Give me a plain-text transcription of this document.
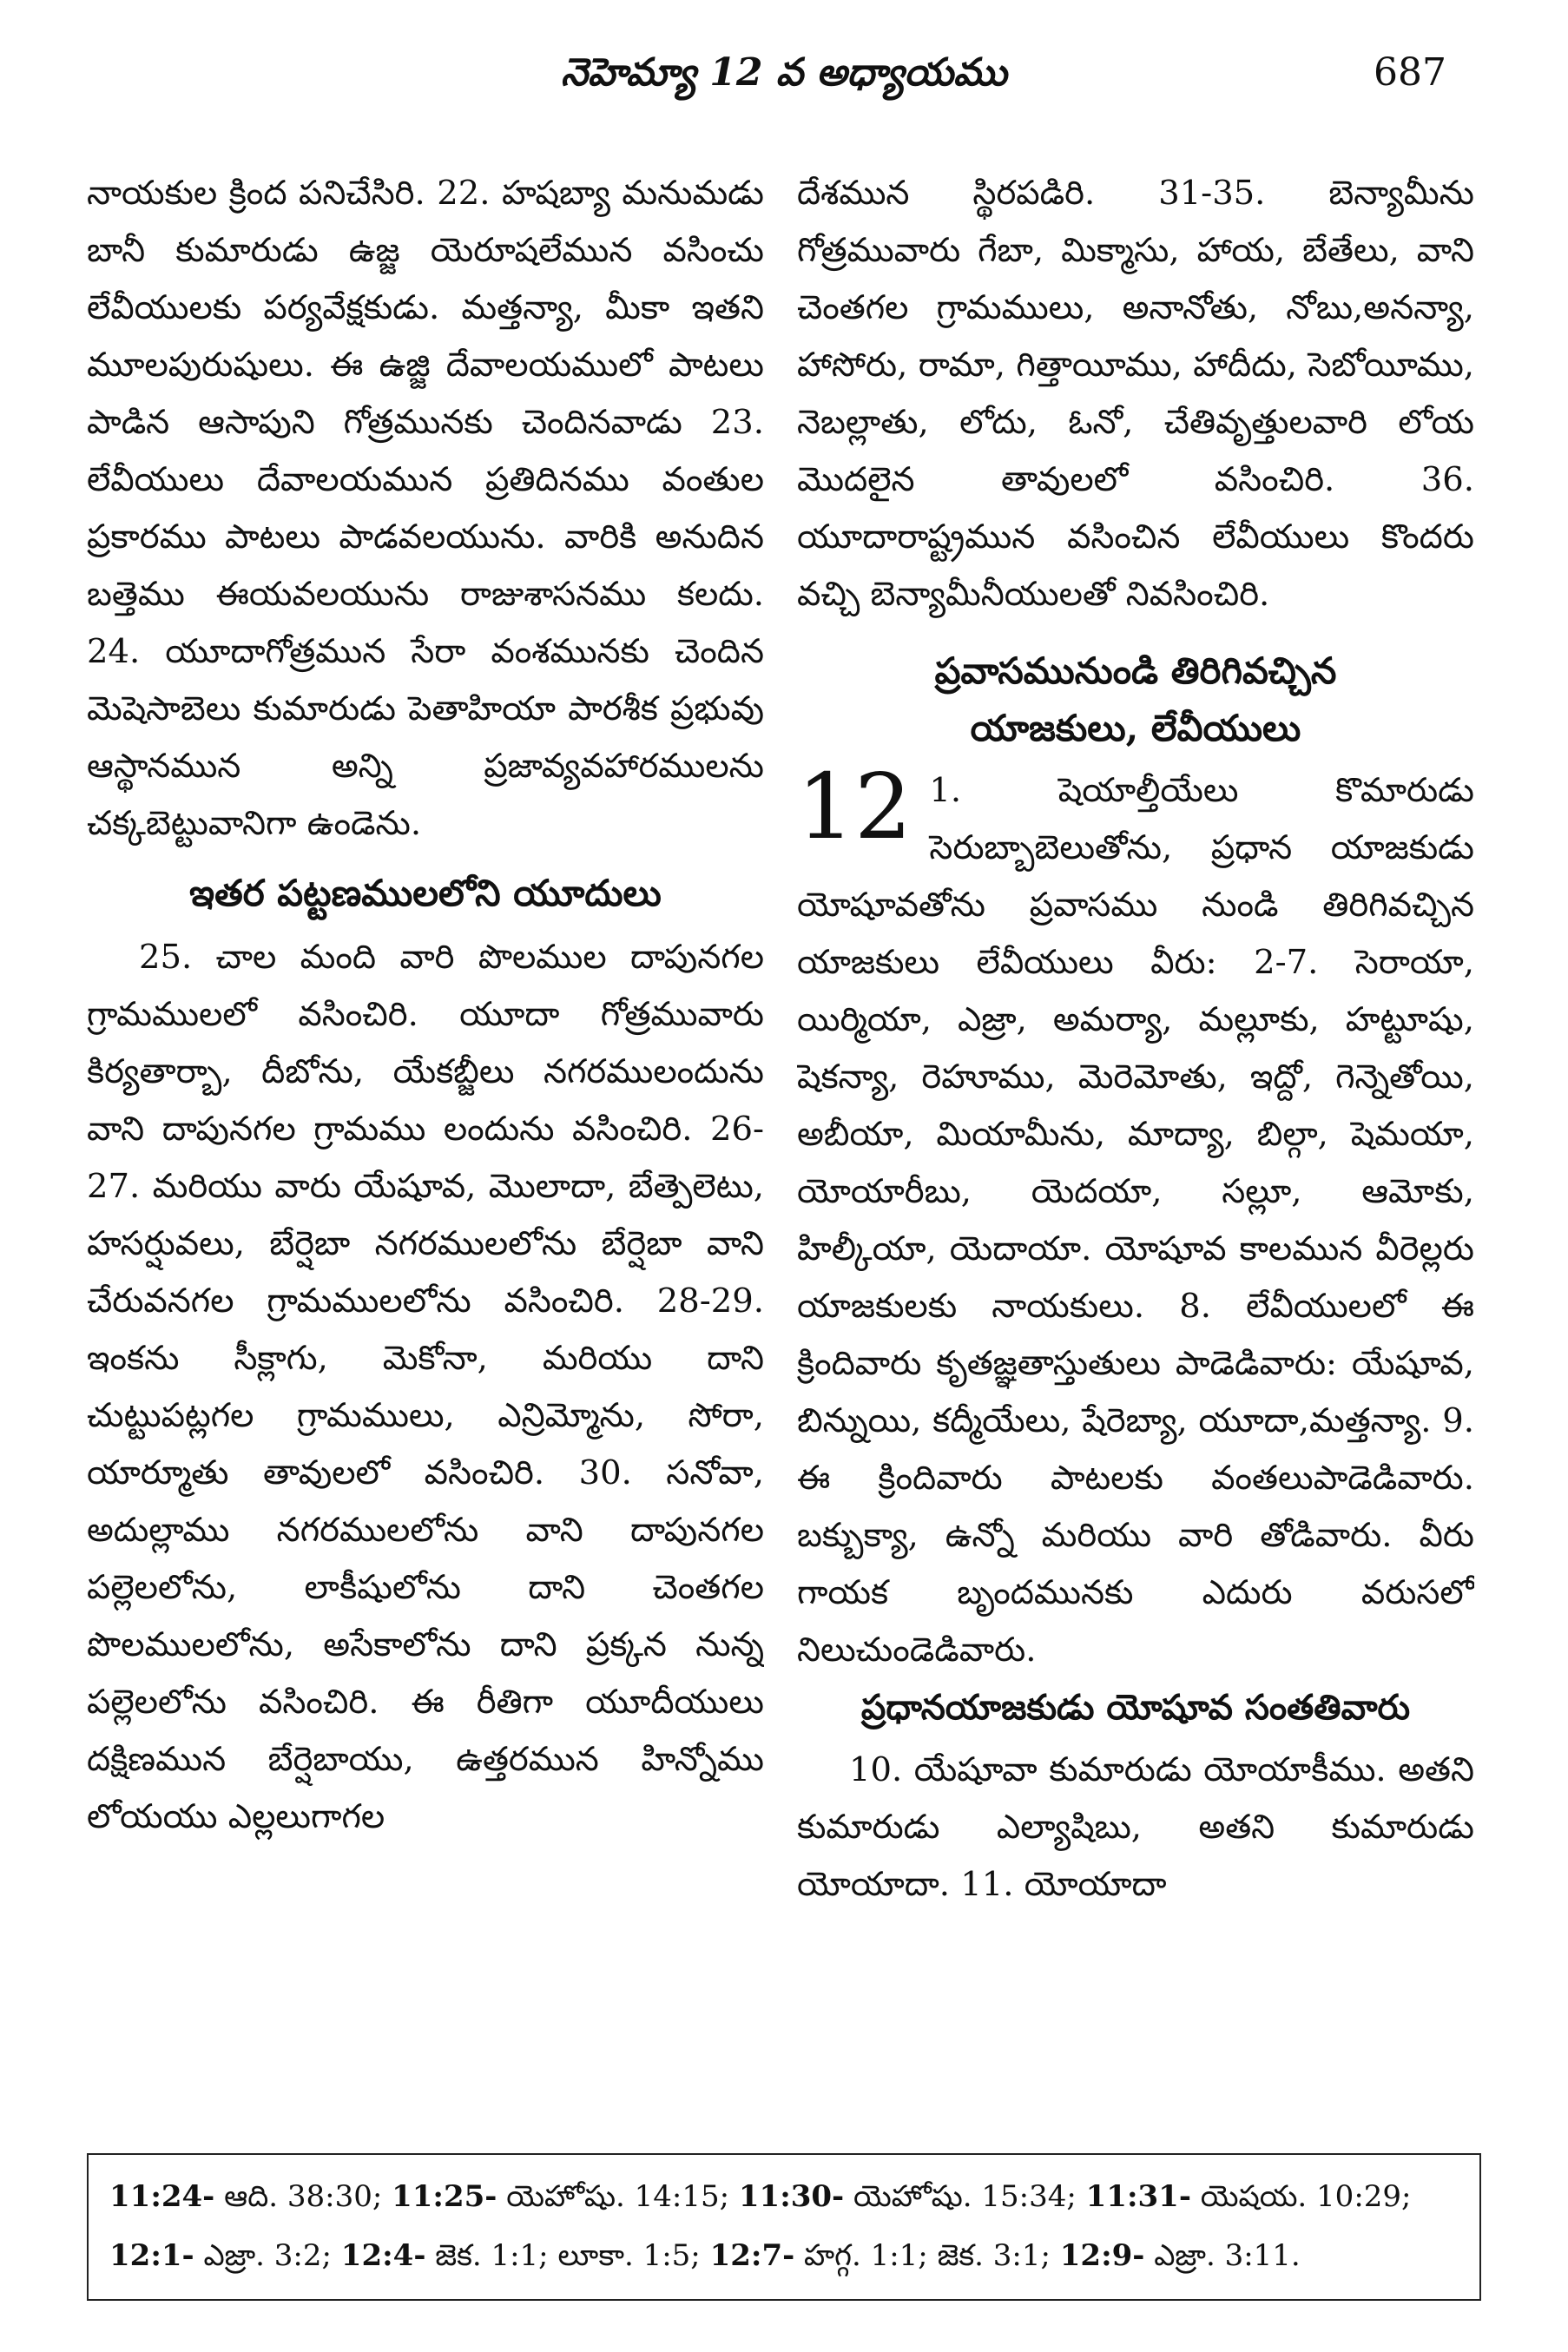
నెహెమ్యా 12 వ అధ్యాయము	687

నాయకుల క్రింద పనిచేసిరి. 22. హషబ్యా మనుమడు బానీ కుమారుడు ఉజ్జ యెరూషలేమున వసించు లేవీయులకు పర్యవేక్షకుడు. మత్తన్యా, మీకా ఇతని మూలపురుషులు. ఈ ఉజ్జి దేవాలయములో పాటలు పాడిన ఆసాపుని గోత్రమునకు చెందినవాడు 23. లేవీయులు దేవాలయమున ప్రతిదినము వంతుల ప్రకారము పాటలు పాడవలయును. వారికి అనుదిన బత్తెము ఈయవలయును రాజుశాసనము కలదు. 24. యూదాగోత్రమున సేరా వంశమునకు చెందిన మెషెసాబెలు కుమారుడు పెతాహియా పారశీక ప్రభువు ఆస్థానమున అన్ని ప్రజావ్యవహారములను చక్కబెట్టువానిగా ఉండెను.

ఇతర పట్టణములలోని యూదులు

25. చాల మంది వారి పొలముల దాపునగల గ్రామములలో వసించిరి. యూదా గోత్రమువారు కిర్యతార్బా, దీబోను, యేకబ్జీలు నగరములందును వాని దాపునగల గ్రామము లందును వసించిరి. 26-27. మరియు వారు యేషూవ, మొలాదా, బేత్పెలెటు, హసర్షువలు, బేర్షెబా నగరములలోను బేర్షెబా వాని చేరువనగల గ్రామములలోను వసించిరి. 28-29. ఇంకను సీక్లాగు, మెకోనా, మరియు దాని చుట్టుపట్లగల గ్రామములు, ఎన్రిమ్మోను, సోరా, యార్మూతు తావులలో వసించిరి. 30. సనోవా, అదుల్లాము నగరములలోను వాని దాపునగల పల్లెలలోను, లాకీషులోను దాని చెంతగల పొలములలోను, అసేకాలోను దాని ప్రక్కన నున్న పల్లెలలోను వసించిరి. ఈ రీతిగా యూదీయులు దక్షిణమున బేర్షెబాయు, ఉత్తరమున హిన్నోము లోయయు ఎల్లలుగాగల

దేశమున స్థిరపడిరి. 31-35. బెన్యామీను గోత్రమువారు గేబా, మిక్మాసు, హాయ, బేతేలు, వాని చెంతగల గ్రామములు, అనానోతు, నోబు,అనన్యా, హాసోరు, రామా, గిత్తాయీము, హాదీదు, సెబోయీము, నెబల్లాతు, లోదు, ఓనో, చేతివృత్తులవారి లోయ మొదలైన తావులలో వసించిరి. 36. యూదారాష్ట్రమున వసించిన లేవీయులు కొందరు వచ్చి బెన్యామీనీయులతో నివసించిరి.

ప్రవాసమునుండి తిరిగివచ్చిన
యాజకులు, లేవీయులు
12 1. షెయాల్తీయేలు కొమారుడు సెరుబ్బాబెలుతోను, ప్రధాన యాజకుడు యోషూవతోను ప్రవాసము నుండి తిరిగివచ్చిన యాజకులు లేవీయులు వీరు: 2-7. సెరాయా, యిర్మియా, ఎజ్రా, అమర్యా, మల్లూకు, హట్టూషు, షెకన్యా, రెహూము, మెరెమోతు, ఇద్దో, గెన్నెతోయి, అబీయా, మియామీను, మాద్యా, బిల్గా, షెమయా, యోయారీబు, యెదయా, సల్లూ, ఆమోకు, హిల్కీయా, యెదాయా. యోషూవ కాలమున వీరెల్లరు యాజకులకు నాయకులు. 8. లేవీయులలో ఈ క్రిందివారు కృతజ్ఞతాస్తుతులు పాడెడివారు: యేషూవ, బిన్నుయి, కద్మీయేలు, షేరెబ్యా, యూదా,మత్తన్యా. 9. ఈ క్రిందివారు పాటలకు వంతలుపాడెడివారు. బక్బుక్యా, ఉన్నో మరియు వారి తోడివారు. వీరు గాయక బృందమునకు ఎదురు వరుసలో నిలుచుండెడివారు.

ప్రధానయాజకుడు యోషూవ సంతతివారు

10. యేషూవా కుమారుడు యోయాకీము. అతని కుమారుడు ఎల్యాషిబు, అతని కుమారుడు యోయాదా. 11. యోయాదా

11:24- ఆది. 38:30; 11:25- యెహోషు. 14:15; 11:30- యెహోషు. 15:34; 11:31- యెషయ. 10:29;
12:1- ఎజ్రా. 3:2; 12:4- జెక. 1:1; లూకా. 1:5; 12:7- హగ్గ. 1:1; జెక. 3:1; 12:9- ఎజ్రా. 3:11.
